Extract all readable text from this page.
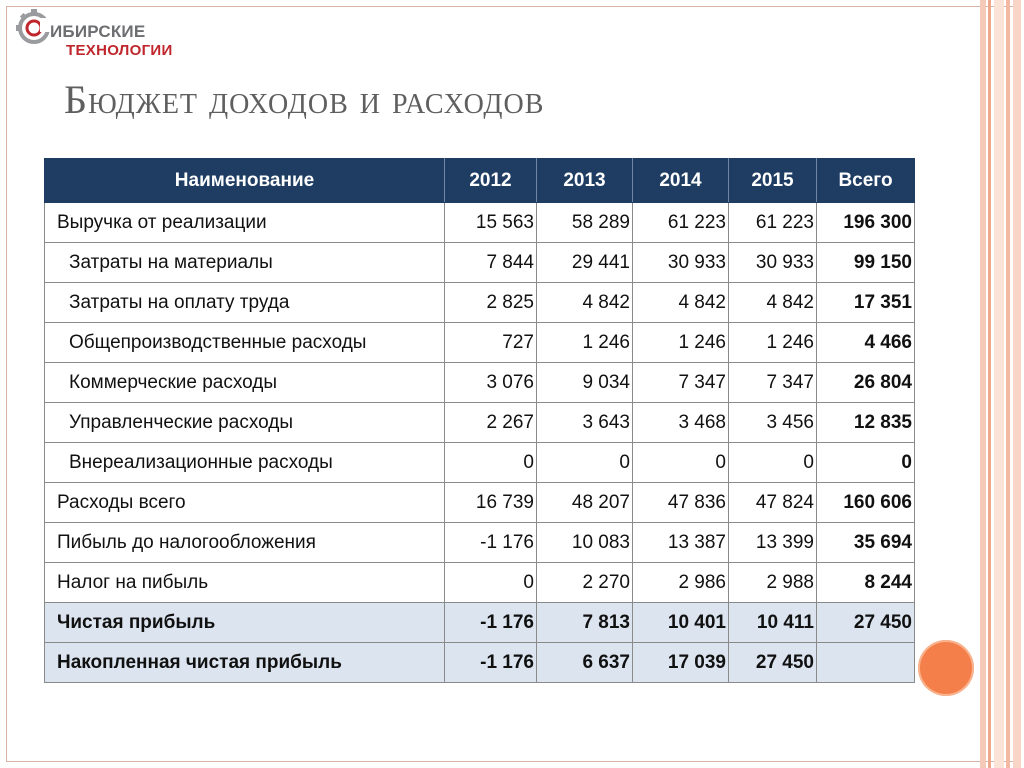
ИБИРСКИЕ
ТЕХНОЛОГИИ
Бюджет доходов и расходов
Наименование	2012	2013	2014	2015	Всего
Выручка от реализации	15 563	58 289	61 223	61 223	196 300
Затраты на материалы	7 844	29 441	30 933	30 933	99 150
Затраты на оплату труда	2 825	4 842	4 842	4 842	17 351
Общепроизводственные расходы	727	1 246	1 246	1 246	4 466
Коммерческие расходы	3 076	9 034	7 347	7 347	26 804
Управленческие расходы	2 267	3 643	3 468	3 456	12 835
Внереализационные расходы	0	0	0	0	0
Расходы всего	16 739	48 207	47 836	47 824	160 606
Пибыль до налогообложения	-1 176	10 083	13 387	13 399	35 694
Налог на пибыль	0	2 270	2 986	2 988	8 244
Чистая прибыль	-1 176	7 813	10 401	10 411	27 450
Накопленная чистая прибыль	-1 176	6 637	17 039	27 450	
